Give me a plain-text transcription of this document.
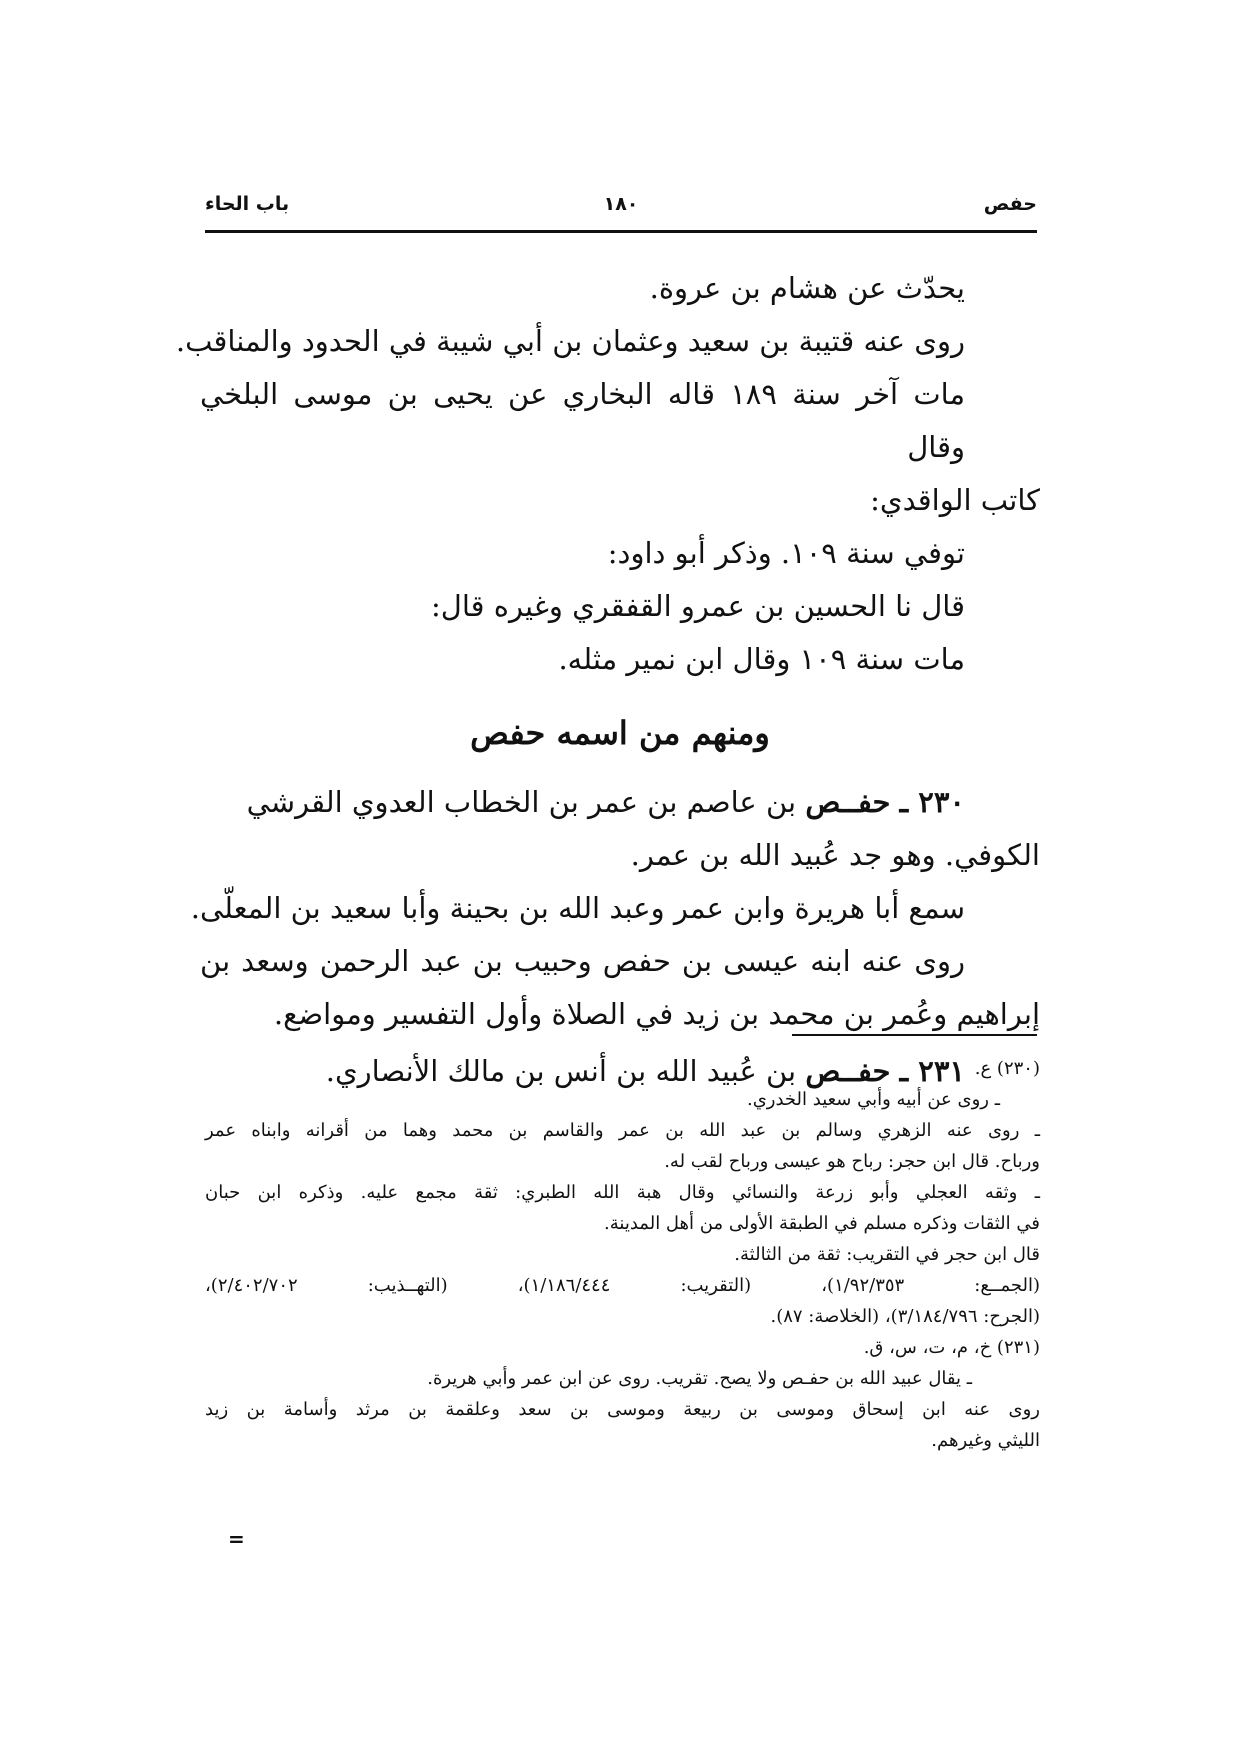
حفص
١٨٠
باب الحاء
يحدّث عن هشام بن عروة.
روى عنه قتيبة بن سعيد وعثمان بن أبي شيبة في الحدود والمناقب.
مات آخر سنة ١٨٩ قاله البخاري عن يحيى بن موسى البلخي وقال
كاتب الواقدي:
توفي سنة ١٠٩. وذكر أبو داود:
قال نا الحسين بن عمرو القفقري وغيره قال:
مات سنة ١٠٩ وقال ابن نمير مثله.
ومنهم من اسمه حفص
٢٣٠ ـ حفــص بن عاصم بن عمر بن الخطاب العدوي القرشي
الكوفي. وهو جد عُبيد الله بن عمر.
سمع أبا هريرة وابن عمر وعبد الله بن بحينة وأبا سعيد بن المعلّى.
روى عنه ابنه عيسى بن حفص وحبيب بن عبد الرحمن وسعد بن
إبراهيم وعُمر بن محمد بن زيد في الصلاة وأول التفسير ومواضع.
٢٣١ ـ حفــص بن عُبيد الله بن أنس بن مالك الأنصاري.	(٢٣٠) ع.
ـ روى عن أبيه وأبي سعيد الخدري.
ـ روى عنه الزهري وسالم بن عبد الله بن عمر والقاسم بن محمد وهما من أقرانه وابناه عمر
ورباح. قال ابن حجر: رباح هو عيسى ورباح لقب له.
ـ وثقه العجلي وأبو زرعة والنسائي وقال هبة الله الطبري: ثقة مجمع عليه. وذكره ابن حبان
في الثقات وذكره مسلم في الطبقة الأولى من أهل المدينة.
قال ابن حجر في التقريب: ثقة من الثالثة.
(الجمــع: ١/٩٢/٣٥٣)، (التقريب: ١/١٨٦/٤٤٤)، (التهــذيب: ٢/٤٠٢/٧٠٢)،
(الجرح: ٣/١٨٤/٧٩٦)، (الخلاصة: ٨٧).
(٢٣١) خ، م، ت، س، ق.
ـ يقال عبيد الله بن حفـص ولا يصح. تقريب. روى عن ابن عمر وأبي هريرة.
روى عنه ابن إسحاق وموسى بن ربيعة وموسى بن سعد وعلقمة بن مرثد وأسامة بن زيد
الليثي وغيرهم.
=
